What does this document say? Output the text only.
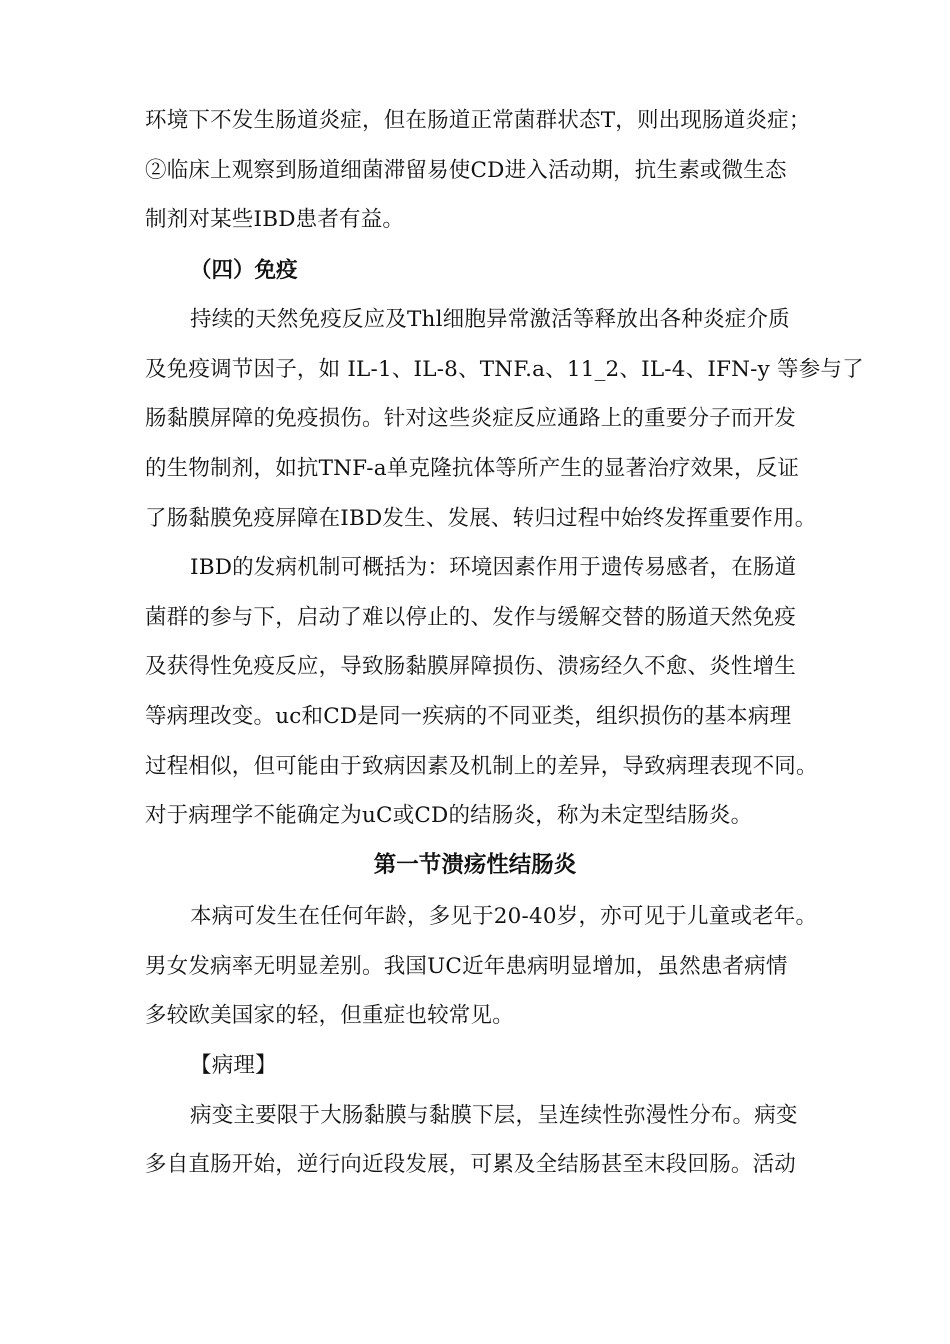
环境下不发生肠道炎症，但在肠道正常菌群状态T，则出现肠道炎症；
②临床上观察到肠道细菌滞留易使CD进入活动期，抗生素或微生态
制剂对某些IBD患者有益。
（四）免疫
持续的天然免疫反应及Thl细胞异常激活等释放出各种炎症介质
及免疫调节因子，如 IL-1、IL-8、TNF.a、11_2、IL-4、IFN-y 等参与了
肠黏膜屏障的免疫损伤。针对这些炎症反应通路上的重要分子而开发
的生物制剂，如抗TNF-a单克隆抗体等所产生的显著治疗效果，反证
了肠黏膜免疫屏障在IBD发生、发展、转归过程中始终发挥重要作用。
IBD的发病机制可概括为：环境因素作用于遗传易感者，在肠道
菌群的参与下，启动了难以停止的、发作与缓解交替的肠道天然免疫
及获得性免疫反应，导致肠黏膜屏障损伤、溃疡经久不愈、炎性增生
等病理改变。uc和CD是同一疾病的不同亚类，组织损伤的基本病理
过程相似，但可能由于致病因素及机制上的差异，导致病理表现不同。
对于病理学不能确定为uC或CD的结肠炎，称为未定型结肠炎。
第一节溃疡性结肠炎
本病可发生在任何年龄，多见于20-40岁，亦可见于儿童或老年。
男女发病率无明显差别。我国UC近年患病明显增加，虽然患者病情
多较欧美国家的轻，但重症也较常见。
【病理】
病变主要限于大肠黏膜与黏膜下层，呈连续性弥漫性分布。病变
多自直肠开始，逆行向近段发展，可累及全结肠甚至末段回肠。活动
